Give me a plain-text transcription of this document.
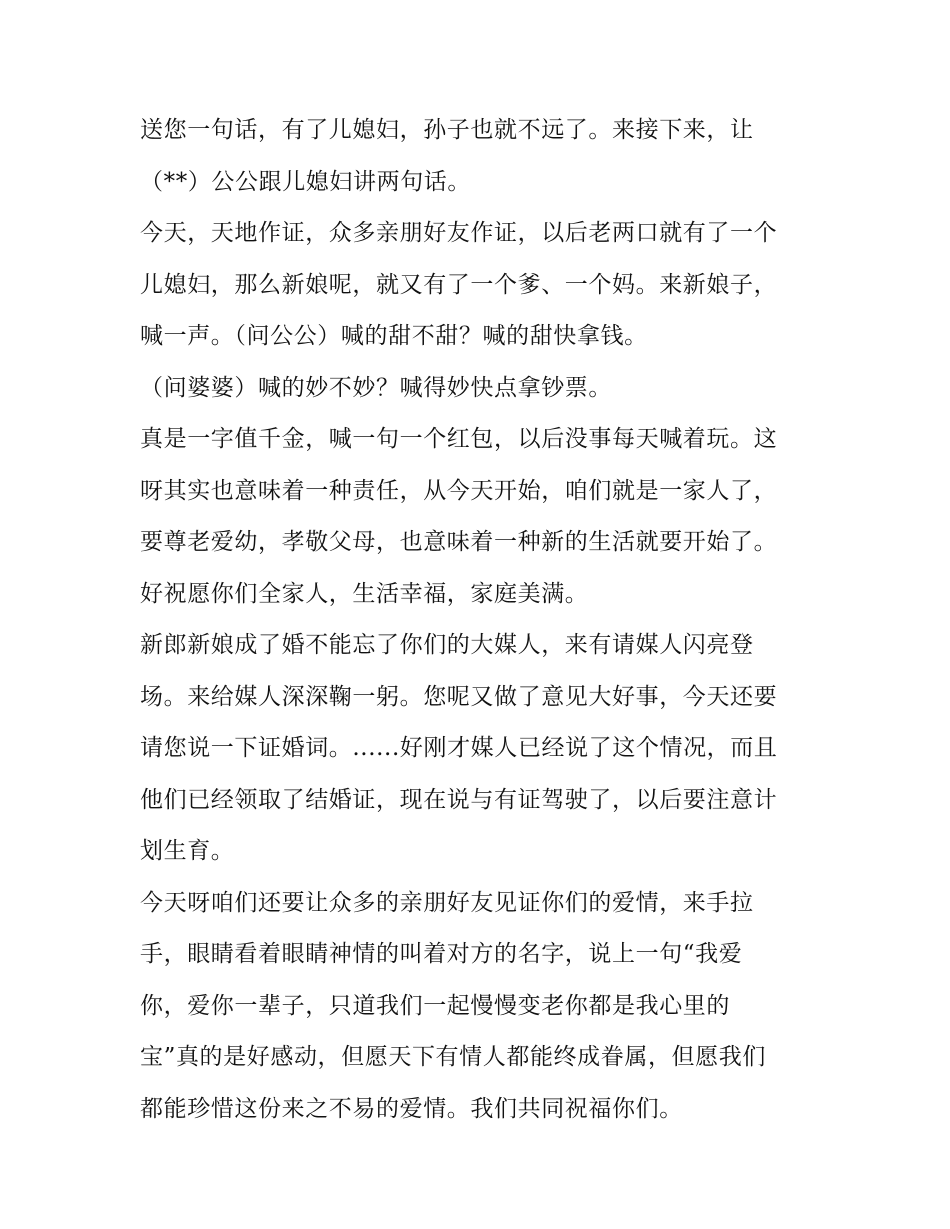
送您一句话，有了儿媳妇，孙子也就不远了。来接下来，让
（**）公公跟儿媳妇讲两句话。
今天，天地作证，众多亲朋好友作证，以后老两口就有了一个
儿媳妇，那么新娘呢，就又有了一个爹、一个妈。来新娘子，
喊一声。（问公公）喊的甜不甜？喊的甜快拿钱。
（问婆婆）喊的妙不妙？喊得妙快点拿钞票。
真是一字值千金，喊一句一个红包，以后没事每天喊着玩。这
呀其实也意味着一种责任，从今天开始，咱们就是一家人了，
要尊老爱幼，孝敬父母，也意味着一种新的生活就要开始了。
好祝愿你们全家人，生活幸福，家庭美满。
新郎新娘成了婚不能忘了你们的大媒人，来有请媒人闪亮登
场。来给媒人深深鞠一躬。您呢又做了意见大好事，今天还要
请您说一下证婚词。......好刚才媒人已经说了这个情况，而且
他们已经领取了结婚证，现在说与有证驾驶了，以后要注意计
划生育。
今天呀咱们还要让众多的亲朋好友见证你们的爱情，来手拉
手，眼睛看着眼睛神情的叫着对方的名字，说上一句“我爱
你，爱你一辈子，只道我们一起慢慢变老你都是我心里的
宝”真的是好感动，但愿天下有情人都能终成眷属，但愿我们
都能珍惜这份来之不易的爱情。我们共同祝福你们。
